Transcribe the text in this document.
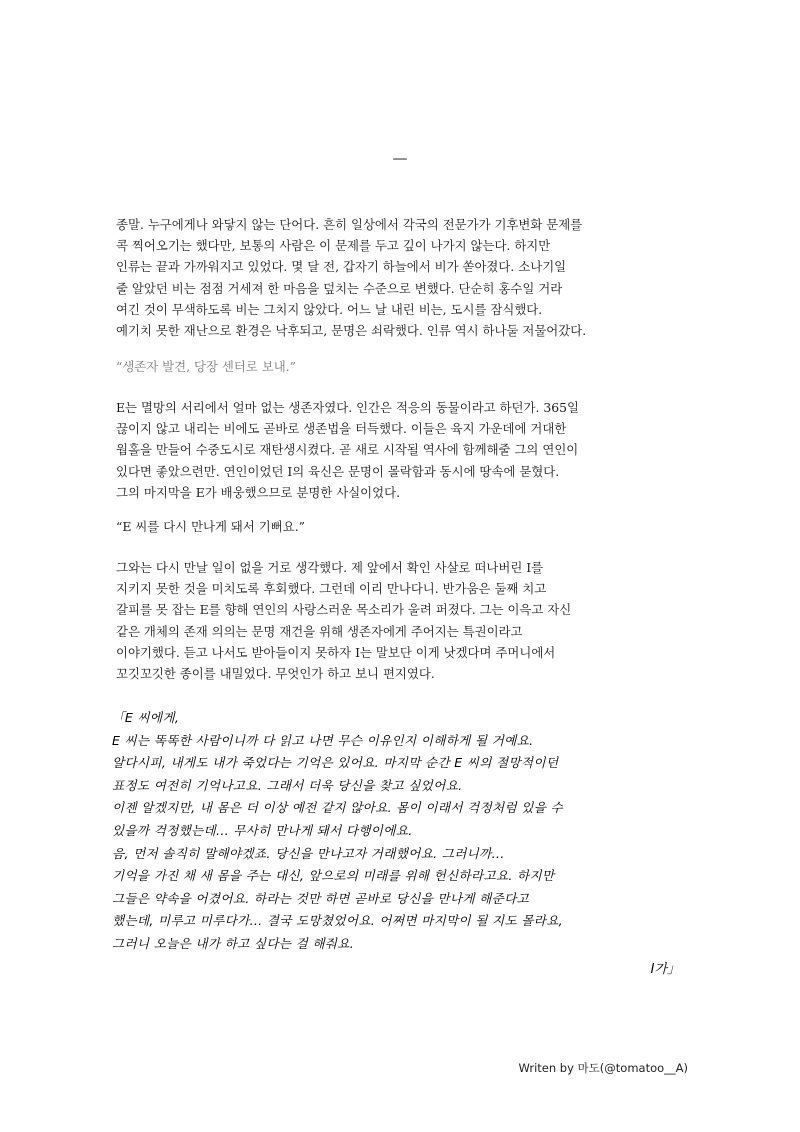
—
종말. 누구에게나 와닿지 않는 단어다. 흔히 일상에서 각국의 전문가가 기후변화 문제를
콕 찍어오기는 했다만, 보통의 사람은 이 문제를 두고 깊이 나가지 않는다. 하지만
인류는 끝과 가까워지고 있었다. 몇 달 전, 갑자기 하늘에서 비가 쏟아졌다. 소나기일
줄 알았던 비는 점점 거세져 한 마음을 덮치는 수준으로 변했다. 단순히 홍수일 거라
여긴 것이 무색하도록 비는 그치지 않았다. 어느 날 내린 비는, 도시를 잠식했다.
예기치 못한 재난으로 환경은 낙후되고, 문명은 쇠락했다. 인류 역시 하나둘 저물어갔다.
“생존자 발견, 당장 센터로 보내.”
E는 멸망의 서리에서 얼마 없는 생존자였다. 인간은 적응의 동물이라고 하던가. 365일
끊이지 않고 내리는 비에도 곧바로 생존법을 터득했다. 이들은 육지 가운데에 거대한
웜홀을 만들어 수중도시로 재탄생시켰다. 곧 새로 시작될 역사에 함께해줄 그의 연인이
있다면 좋았으련만. 연인이었던 I의 육신은 문명이 몰락함과 동시에 땅속에 묻혔다.
그의 마지막을 E가 배웅했으므로 분명한 사실이었다.
“E 씨를 다시 만나게 돼서 기뻐요.”
그와는 다시 만날 일이 없을 거로 생각했다. 제 앞에서 확인 사살로 떠나버린 I를
지키지 못한 것을 미치도록 후회했다. 그런데 이리 만나다니. 반가움은 둘째 치고
갈피를 못 잡는 E를 향해 연인의 사랑스러운 목소리가 울려 퍼졌다. 그는 이윽고 자신
같은 개체의 존재 의의는 문명 재건을 위해 생존자에게 주어지는 특권이라고
이야기했다. 듣고 나서도 받아들이지 못하자 I는 말보단 이게 낫겠다며 주머니에서
꼬깃꼬깃한 종이를 내밀었다. 무엇인가 하고 보니 편지였다.
「E 씨에게,
E 씨는 똑똑한 사람이니까 다 읽고 나면 무슨 이유인지 이해하게 될 거예요.
알다시피, 내게도 내가 죽었다는 기억은 있어요. 마지막 순간 E 씨의 절망적이던
표정도 여전히 기억나고요. 그래서 더욱 당신을 찾고 싶었어요.
이젠 알겠지만, 내 몸은 더 이상 예전 같지 않아요. 몸이 이래서 걱정처럼 있을 수
있을까 걱정했는데... 무사히 만나게 돼서 다행이에요.
음, 먼저 솔직히 말해야겠죠. 당신을 만나고자 거래했어요. 그러니까...
기억을 가진 채 새 몸을 주는 대신, 앞으로의 미래를 위해 헌신하라고요. 하지만
그들은 약속을 어겼어요. 하라는 것만 하면 곧바로 당신을 만나게 해준다고
했는데, 미루고 미루다가... 결국 도망쳤었어요. 어쩌면 마지막이 될 지도 몰라요,
그러니 오늘은 내가 하고 싶다는 걸 해줘요.
I가」
Writen by 마도(@tomatoo__A)
